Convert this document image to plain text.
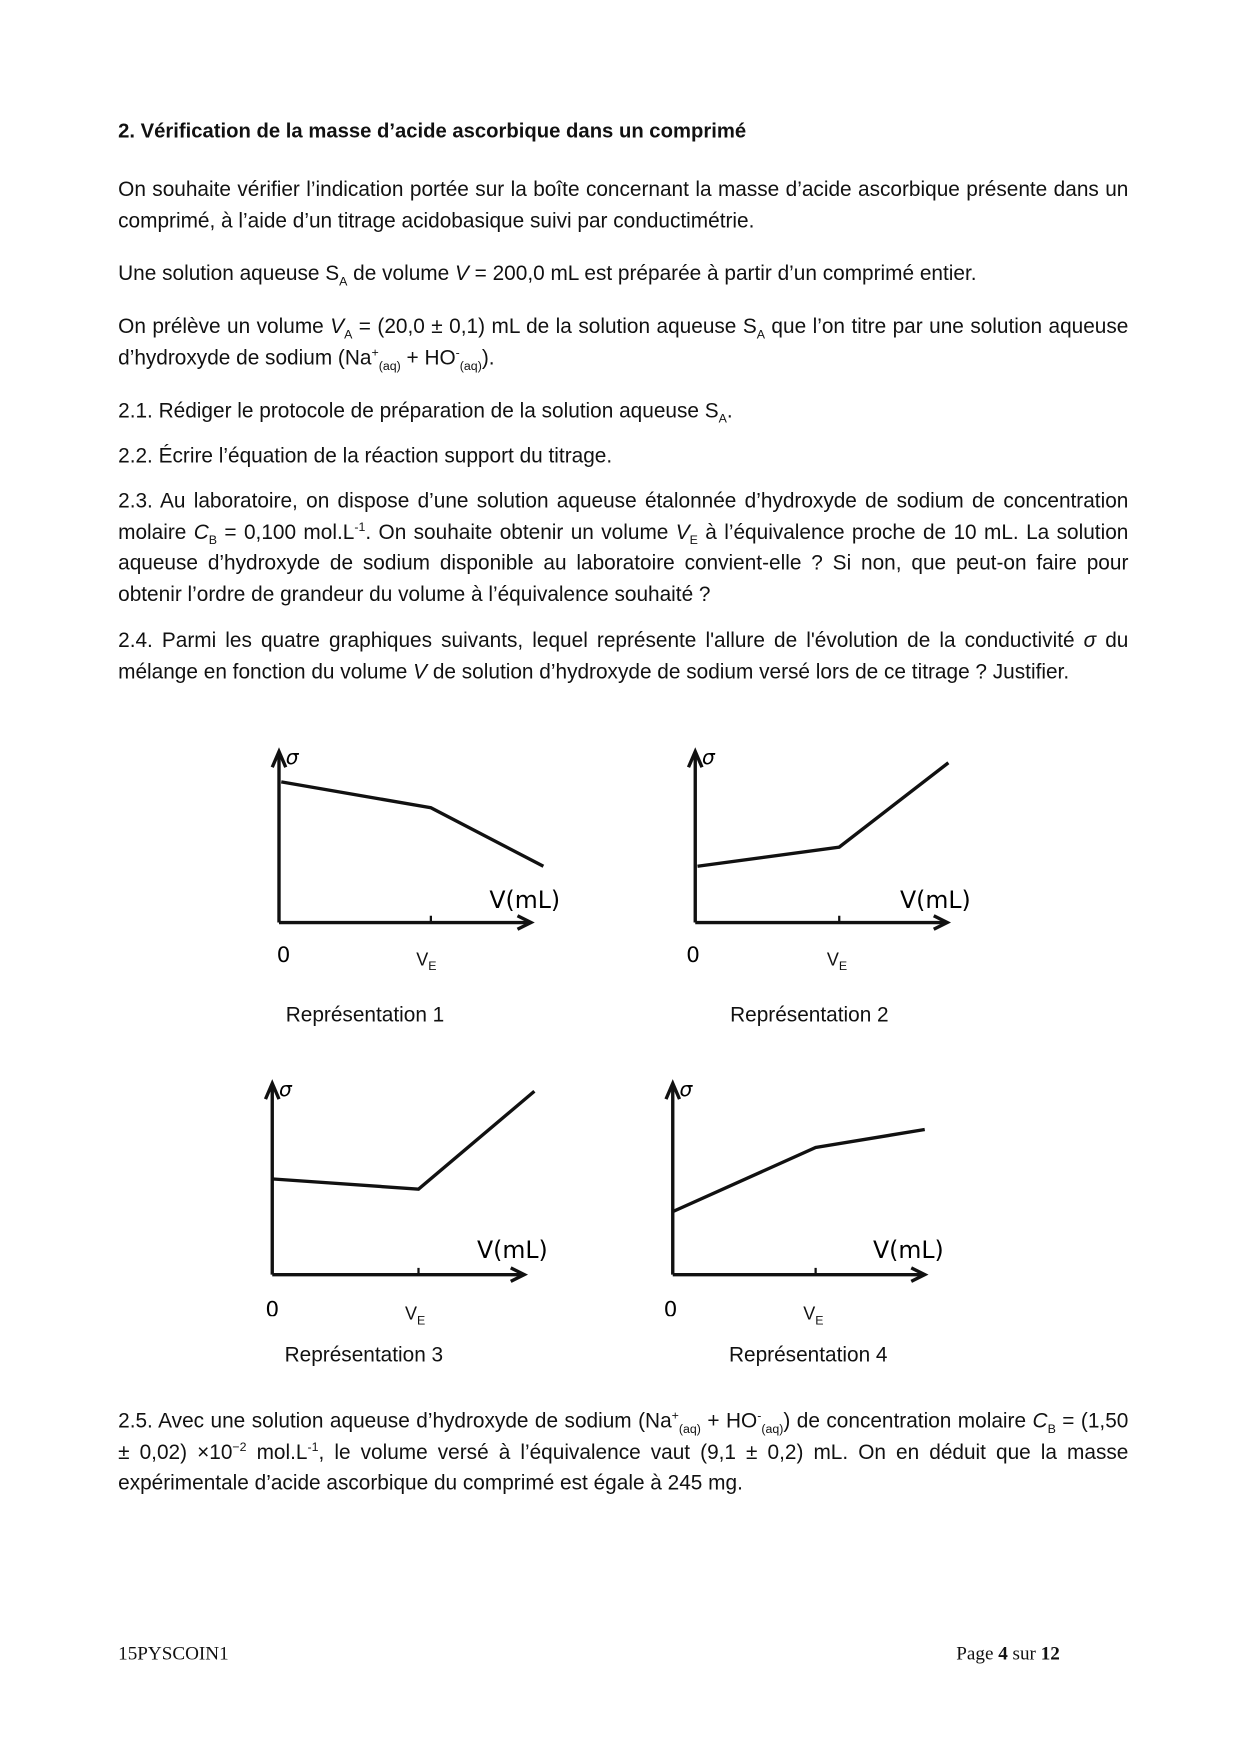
2. Vérification de la masse d’acide ascorbique dans un comprimé
On souhaite vérifier l’indication portée sur la boîte concernant la masse d’acide ascorbique présente dans un comprimé, à l’aide d’un titrage acidobasique suivi par conductimétrie.
Une solution aqueuse $S_A$ de volume V = 200,0 mL est préparée à partir d’un comprimé entier.
On prélève un volume $V_A = (20,0 \pm 0,1)$ mL de la solution aqueuse $S_A$ que l’on titre par une solution aqueuse d’hydroxyde de sodium $(Na^+_{(aq)} + HO^-_{(aq)})$.
2.1. Rédiger le protocole de préparation de la solution aqueuse $S_A$.
2.2. Écrire l’équation de la réaction support du titrage.
2.3. Au laboratoire, on dispose d’une solution aqueuse étalonnée d’hydroxyde de sodium de concentration molaire $C_B = 0,100$ $mol.L^{-1}$. On souhaite obtenir un volume $V_E$ à l’équivalence proche de 10 mL. La solution aqueuse d’hydroxyde de sodium disponible au laboratoire convient-elle ? Si non, que peut-on faire pour obtenir l’ordre de grandeur du volume à l’équivalence souhaité ?
2.4. Parmi les quatre graphiques suivants, lequel représente l'allure de l'évolution de la conductivité σ du mélange en fonction du volume V de solution d’hydroxyde de sodium versé lors de ce titrage ? Justifier.
σ
V(mL)
0	$V_E$
Représentation 1
σ
V(mL)
0	$V_E$
Représentation 2
σ
V(mL)
0	$V_E$
Représentation 3
σ
V(mL)
0	$V_E$
Représentation 4
2.5. Avec une solution aqueuse d’hydroxyde de sodium $(Na^+_{(aq)} + HO^-_{(aq)})$ de concentration molaire $C_B = (1,50 \pm 0,02) \times 10^{-2}$ $mol.L^{-1}$, le volume versé à l’équivalence vaut (9,1 ± 0,2) mL. On en déduit que la masse expérimentale d’acide ascorbique du comprimé est égale à 245 mg.
15PYSCOIN1	Page 4 sur 12
